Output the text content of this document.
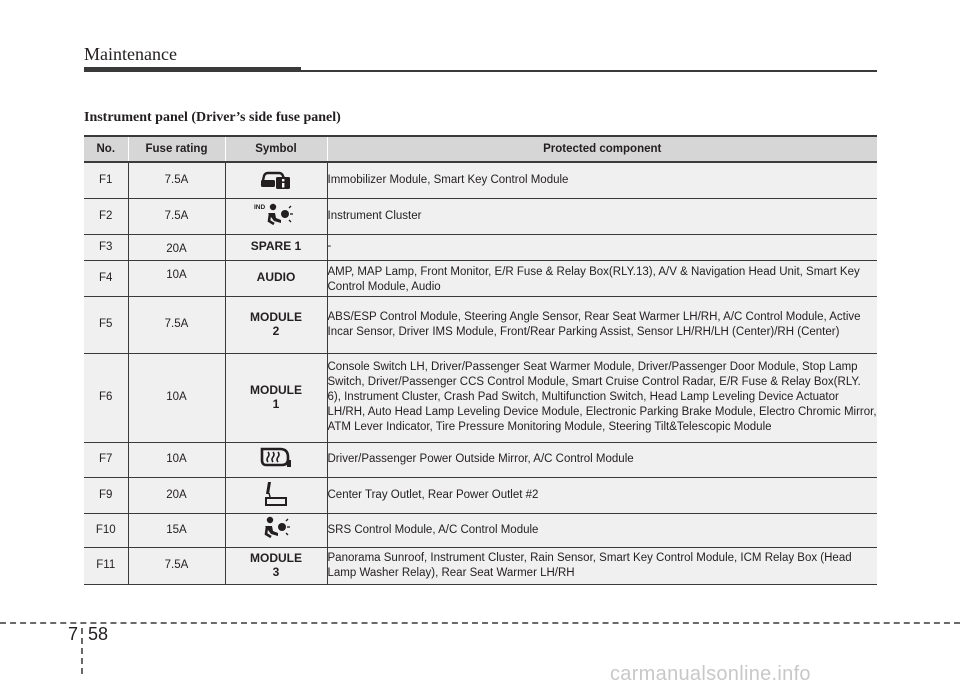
Maintenance
Instrument panel (Driver’s side fuse panel)
No.	Fuse rating	Symbol	Protected component
F1	7.5A		Immobilizer Module, Smart Key Control Module
F2	7.5A	IND	Instrument Cluster
F3	20A	SPARE 1	-
F4	10A	AUDIO	AMP, MAP Lamp, Front Monitor, E/R Fuse & Relay Box(RLY.13), A/V & Navigation Head Unit, Smart Key Control Module, Audio
F5	7.5A	MODULE 2	ABS/ESP Control Module, Steering Angle Sensor, Rear Seat Warmer LH/RH, A/C Control Module, Active Incar Sensor, Driver IMS Module, Front/Rear Parking Assist, Sensor LH/RH/LH (Center)/RH (Center)
F6	10A	MODULE 1	Console Switch LH, Driver/Passenger Seat Warmer Module, Driver/Passenger Door Module, Stop Lamp Switch, Driver/Passenger CCS Control Module, Smart Cruise Control Radar, E/R Fuse & Relay Box(RLY. 6), Instrument Cluster, Crash Pad Switch, Multifunction Switch, Head Lamp Leveling Device Actuator LH/RH, Auto Head Lamp Leveling Device Module, Electronic Parking Brake Module, Electro Chromic Mirror, ATM Lever Indicator, Tire Pressure Monitoring Module, Steering Tilt&Telescopic Module
F7	10A		Driver/Passenger Power Outside Mirror, A/C Control Module
F9	20A		Center Tray Outlet, Rear Power Outlet #2
F10	15A		SRS Control Module, A/C Control Module
F11	7.5A	MODULE 3	Panorama Sunroof, Instrument Cluster, Rain Sensor, Smart Key Control Module, ICM Relay Box (Head Lamp Washer Relay), Rear Seat Warmer LH/RH
7 58
carmanualsonline.info
